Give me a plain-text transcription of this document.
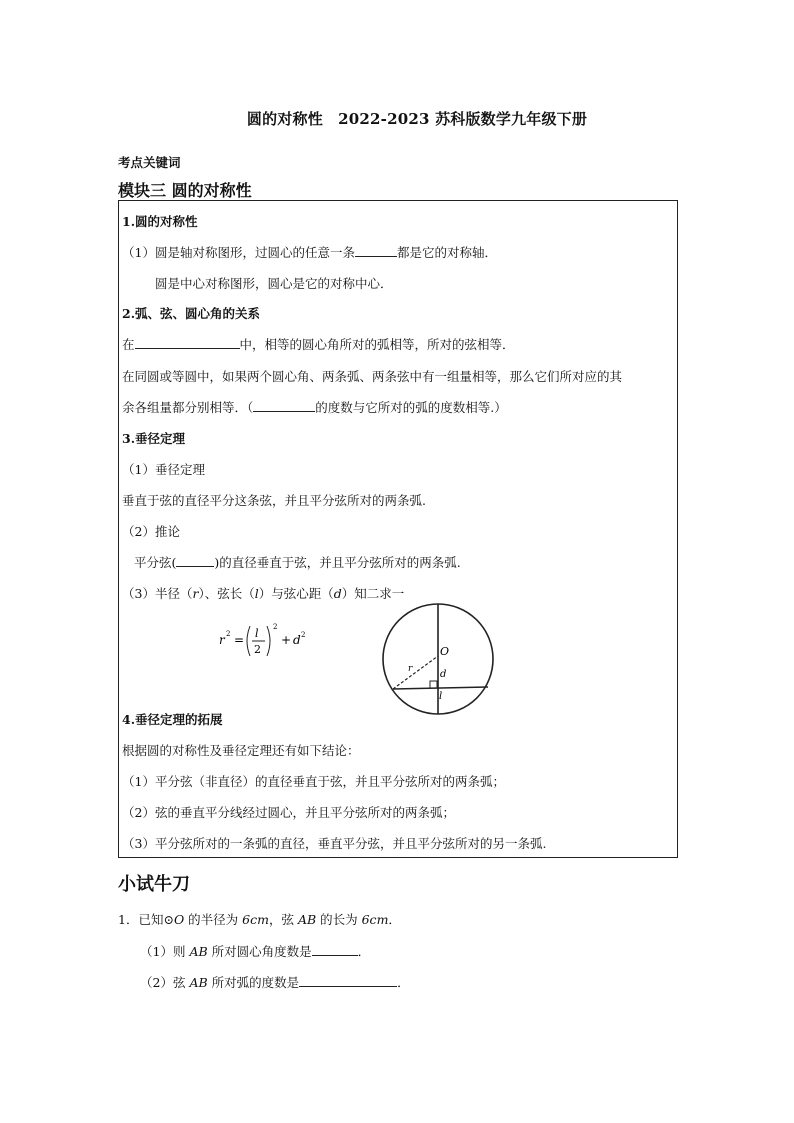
圆的对称性　2022-2023 苏科版数学九年级下册
考点关键词
模块三 圆的对称性
1.圆的对称性
（1）圆是轴对称图形，过圆心的任意一条	都是它的对称轴．
圆是中心对称图形，圆心是它的对称中心．
2.弧、弦、圆心角的关系
在	中，相等的圆心角所对的弧相等，所对的弦相等．
在同圆或等圆中，如果两个圆心角、两条弧、两条弦中有一组量相等，那么它们所对应的其
余各组量都分别相等．（	的度数与它所对的弧的度数相等.）
3.垂径定理
（1）垂径定理
垂直于弦的直径平分这条弦，并且平分弦所对的两条弧.
（2）推论
平分弦(	)的直径垂直于弦，并且平分弦所对的两条弧.
（3）半径（r）、弦长（l）与弦心距（d）知二求一
r 2 = l
2
2
+ d 2
O
r	d
l
4.垂径定理的拓展
根据圆的对称性及垂径定理还有如下结论：
（1）平分弦（非直径）的直径垂直于弦，并且平分弦所对的两条弧；
（2）弦的垂直平分线经过圆心，并且平分弦所对的两条弧；
（3）平分弦所对的一条弧的直径，垂直平分弦，并且平分弦所对的另一条弧.
小试牛刀
1．已知⊙O 的半径为 6cm，弦 AB 的长为 6cm．
（1）则 AB 所对圆心角度数是	．
（2）弦 AB 所对弧的度数是	．
